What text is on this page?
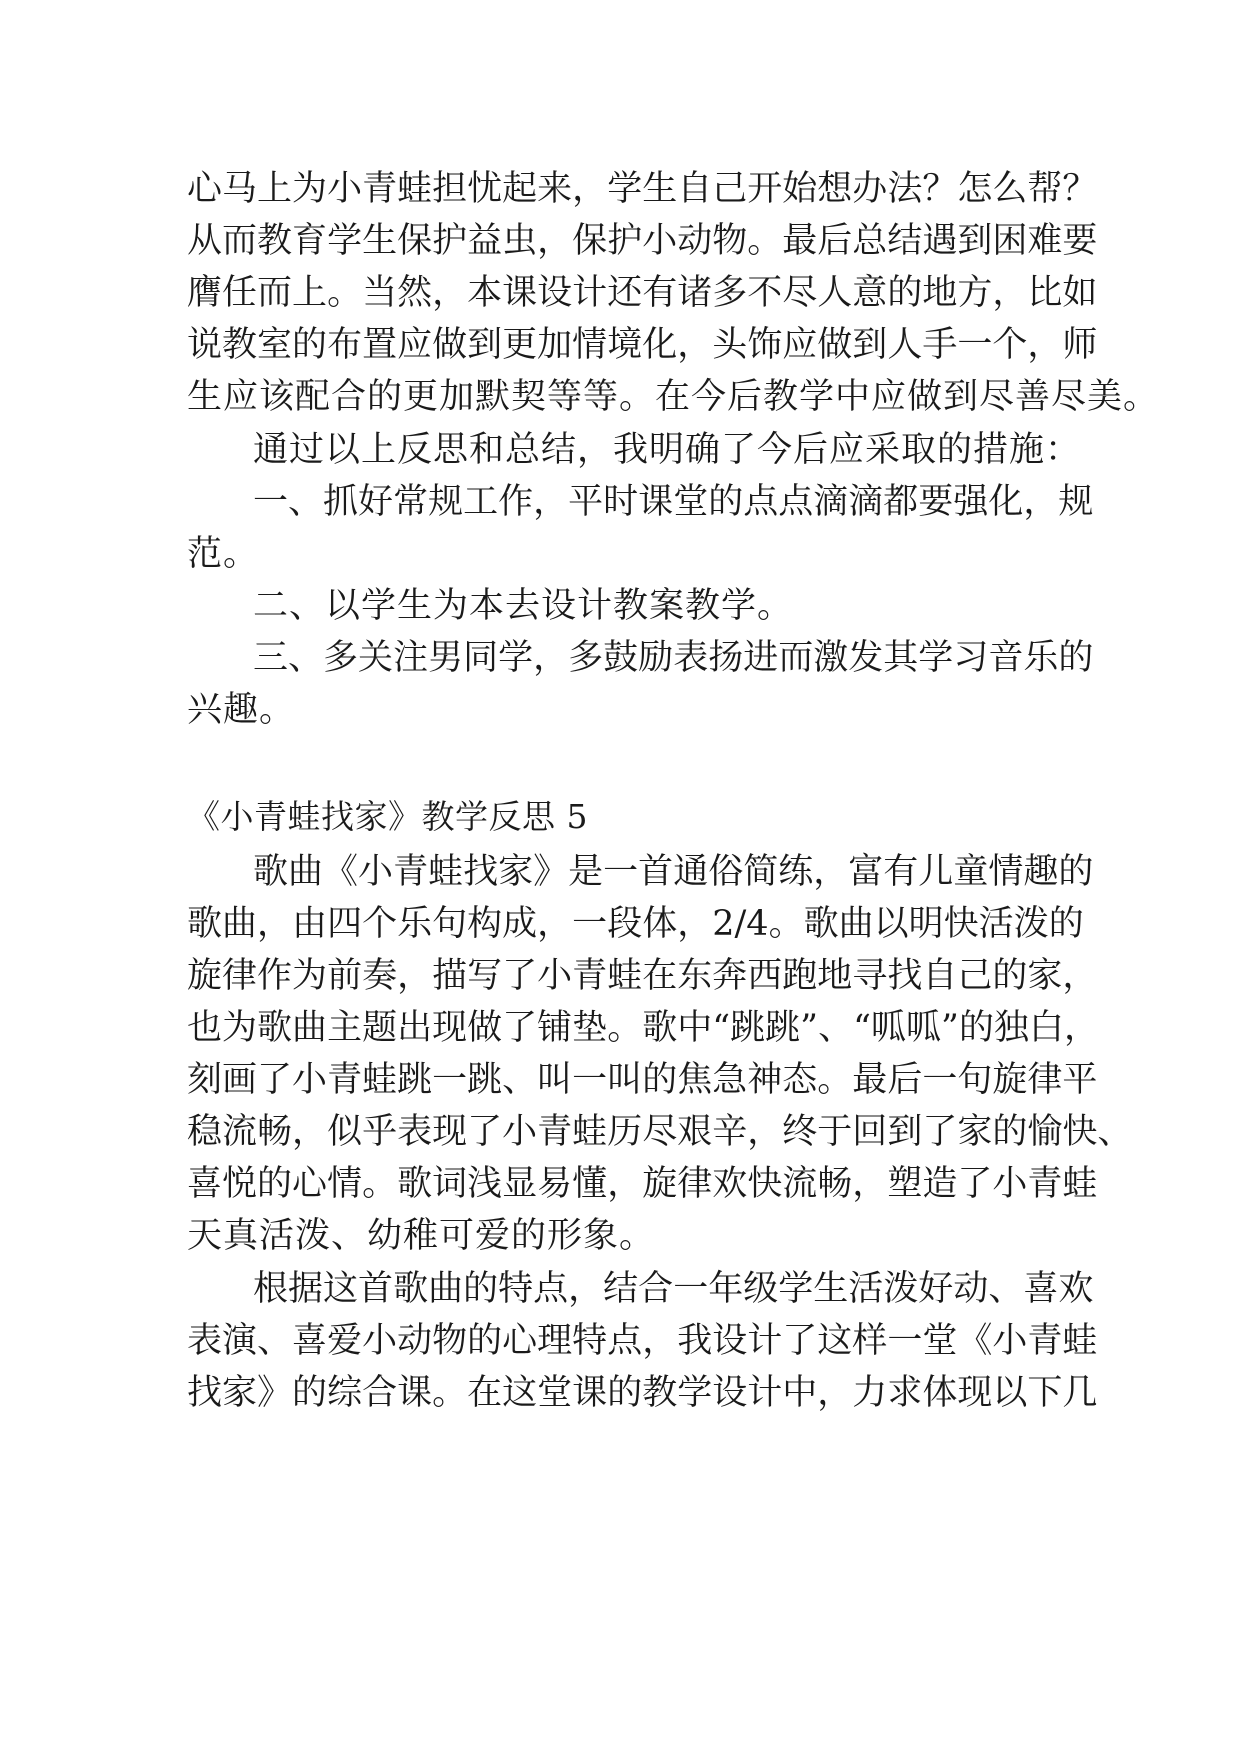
心 马 上 为 小 青 蛙 担 忧 起 来 ， 学 生 自 己 开 始 想 办 法 ？ 怎 么 帮 ？
从 而 教 育 学 生 保 护 益 虫 ， 保 护 小 动 物 。 最 后 总 结 遇 到 困 难 要
膺 任 而 上 。 当 然 ， 本 课 设 计 还 有 诸 多 不 尽 人 意 的 地 方 ， 比 如
说 教 室 的 布 置 应 做 到 更 加 情 境 化 ， 头 饰 应 做 到 人 手 一 个 ， 师
生应该配合的更加默契等等。在今后教学中应做到尽善尽美。
通过以上反思和总结，我明确了今后应采取的措施：
一 、 抓 好 常 规 工 作 ， 平 时 课 堂 的 点 点 滴 滴 都 要 强 化 ， 规
范。
二、以学生为本去设计教案教学。
三 、 多 关 注 男 同 学 ， 多 鼓 励 表 扬 进 而 激 发 其 学 习 音 乐 的
兴趣。
《小青蛙找家》教学反思 5
歌 曲 《 小 青 蛙 找 家 》 是 一 首 通 俗 简 练 ， 富 有 儿 童 情 趣 的
歌 曲 ， 由 四 个 乐 句 构 成 ， 一 段 体 ， 2/4 。 歌 曲 以 明 快 活 泼 的
旋 律 作 为 前 奏 ， 描 写 了 小 青 蛙 在 东 奔 西 跑 地 寻 找 自 己 的 家 ，
也 为 歌 曲 主 题 出 现 做 了 铺 垫 。 歌 中 “ 跳 跳 ” 、 “ 呱 呱 ” 的 独 白 ，
刻 画 了 小 青 蛙 跳 一 跳 、 叫 一 叫 的 焦 急 神 态 。 最 后 一 句 旋 律 平
稳 流 畅 ， 似 乎 表 现 了 小 青 蛙 历 尽 艰 辛 ， 终 于 回 到 了 家 的 愉 快 、
喜 悦 的 心 情 。 歌 词 浅 显 易 懂 ， 旋 律 欢 快 流 畅 ， 塑 造 了 小 青 蛙
天真活泼、幼稚可爱的形象。
根 据 这 首 歌 曲 的 特 点 ， 结 合 一 年 级 学 生 活 泼 好 动 、 喜 欢
表 演 、 喜 爱 小 动 物 的 心 理 特 点 ， 我 设 计 了 这 样 一 堂 《 小 青 蛙
找 家 》 的 综 合 课 。 在 这 堂 课 的 教 学 设 计 中 ， 力 求 体 现 以 下 几
